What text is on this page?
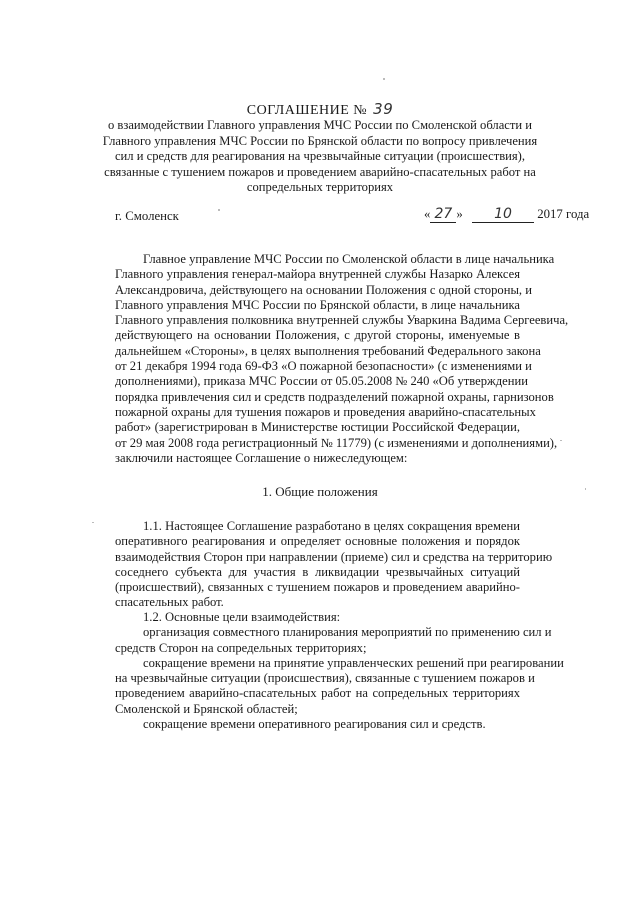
СОГЛАШЕНИЕ № 39
о взаимодействии Главного управления МЧС России по Смоленской области и
Главного управления МЧС России по Брянской области по вопросу привлечения
сил и средств для реагирования на чрезвычайные ситуации (происшествия),
связанные с тушением пожаров и проведением аварийно-спасательных работ на
сопредельных территориях
г. Смоленск	« 27 » 10 2017 года
Главное управление МЧС России по Смоленской области в лице начальника
Главного управления генерал-майора внутренней службы Назарко Алексея
Александровича, действующего на основании Положения с одной стороны, и
Главного управления МЧС России по Брянской области, в лице начальника
Главного управления полковника внутренней службы Уваркина Вадима Сергеевича,
действующего на основании Положения, с другой стороны, именуемые в
дальнейшем «Стороны», в целях выполнения требований Федерального закона
от 21 декабря 1994 года 69-ФЗ «О пожарной безопасности» (с изменениями и
дополнениями), приказа МЧС России от 05.05.2008 № 240 «Об утверждении
порядка привлечения сил и средств подразделений пожарной охраны, гарнизонов
пожарной охраны для тушения пожаров и проведения аварийно-спасательных
работ» (зарегистрирован в Министерстве юстиции Российской Федерации,
от 29 мая 2008 года регистрационный № 11779) (с изменениями и дополнениями),
заключили настоящее Соглашение о нижеследующем:
1. Общие положения
1.1. Настоящее Соглашение разработано в целях сокращения времени
оперативного реагирования и определяет основные положения и порядок
взаимодействия Сторон при направлении (приеме) сил и средства на территорию
соседнего субъекта для участия в ликвидации чрезвычайных ситуаций
(происшествий), связанных с тушением пожаров и проведением аварийно-
спасательных работ.
1.2. Основные цели взаимодействия:
организация совместного планирования мероприятий по применению сил и
средств Сторон на сопредельных территориях;
сокращение времени на принятие управленческих решений при реагировании
на чрезвычайные ситуации (происшествия), связанные с тушением пожаров и
проведением аварийно-спасательных работ на сопредельных территориях
Смоленской и Брянской областей;
сокращение времени оперативного реагирования сил и средств.
